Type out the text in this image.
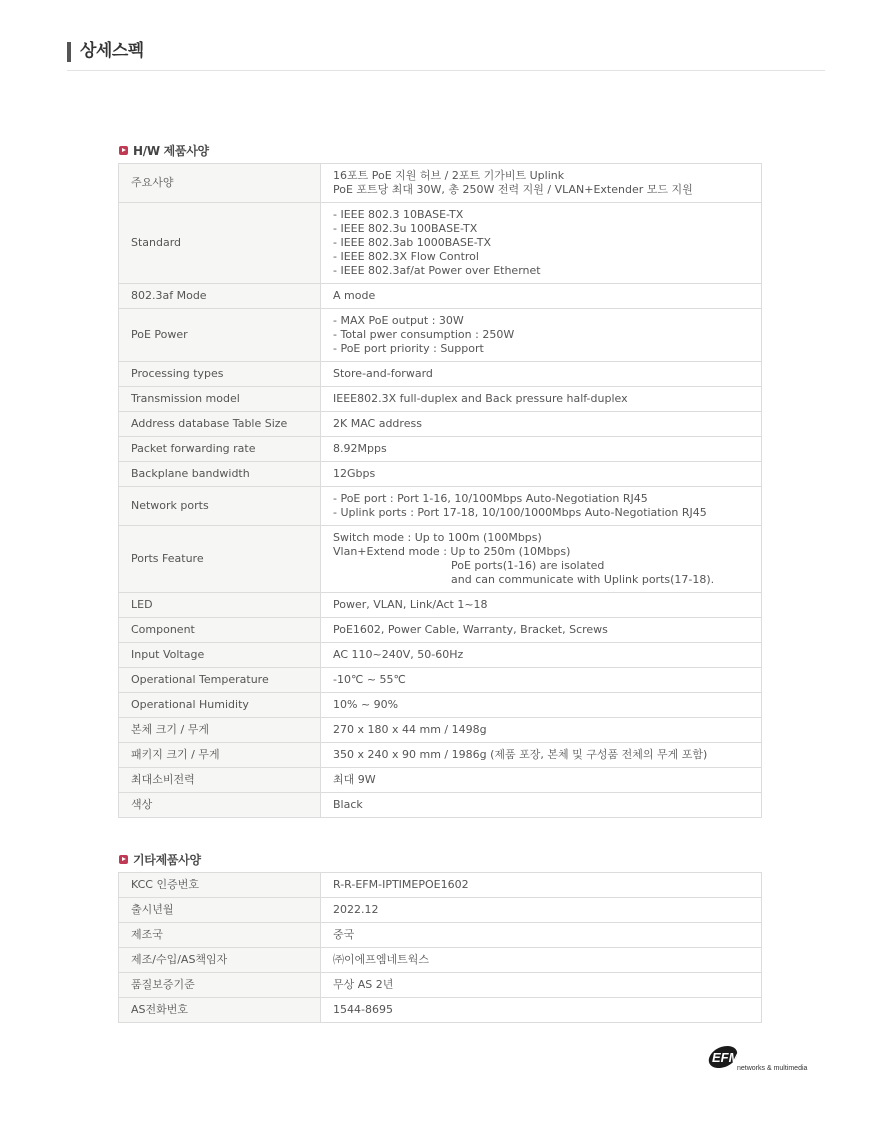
상세스펙
H/W 제품사양
주요사양	16포트 PoE 지원 허브 / 2포트 기가비트 Uplink
PoE 포트당 최대 30W, 총 250W 전력 지원 / VLAN+Extender 모드 지원

Standard	- IEEE 802.3 10BASE-TX
- IEEE 802.3u 100BASE-TX
- IEEE 802.3ab 1000BASE-TX
- IEEE 802.3X Flow Control
- IEEE 802.3af/at Power over Ethernet

802.3af Mode	A mode

PoE Power	- MAX PoE output : 30W
- Total pwer consumption : 250W
- PoE port priority : Support

Processing types	Store-and-forward

Transmission model	IEEE802.3X full-duplex and Back pressure half-duplex

Address database Table Size	2K MAC address

Packet forwarding rate	8.92Mpps

Backplane bandwidth	12Gbps

Network ports	- PoE port : Port 1-16, 10/100Mbps Auto-Negotiation RJ45
- Uplink ports : Port 17-18, 10/100/1000Mbps Auto-Negotiation RJ45

Ports Feature	Switch mode : Up to 100m (100Mbps)
Vlan+Extend mode : Up to 250m (10Mbps)
PoE ports(1-16) are isolated
and can communicate with Uplink ports(17-18).

LED	Power, VLAN, Link/Act 1~18

Component	PoE1602, Power Cable, Warranty, Bracket, Screws

Input Voltage	AC 110~240V, 50-60Hz

Operational Temperature	-10℃ ~ 55℃

Operational Humidity	10% ~ 90%

본체 크기 / 무게	270 x 180 x 44 mm / 1498g

패키지 크기 / 무게	350 x 240 x 90 mm / 1986g (제품 포장, 본체 및 구성품 전체의 무게 포함)

최대소비전력	최대 9W

색상	Black
기타제품사양
KCC 인증번호	R-R-EFM-IPTIMEPOE1602

출시년월	2022.12

제조국	중국

제조/수입/AS책임자	㈜이에프엠네트웍스

품질보증기준	무상 AS 2년

AS전화번호	1544-8695
EFM
networks & multimedia
